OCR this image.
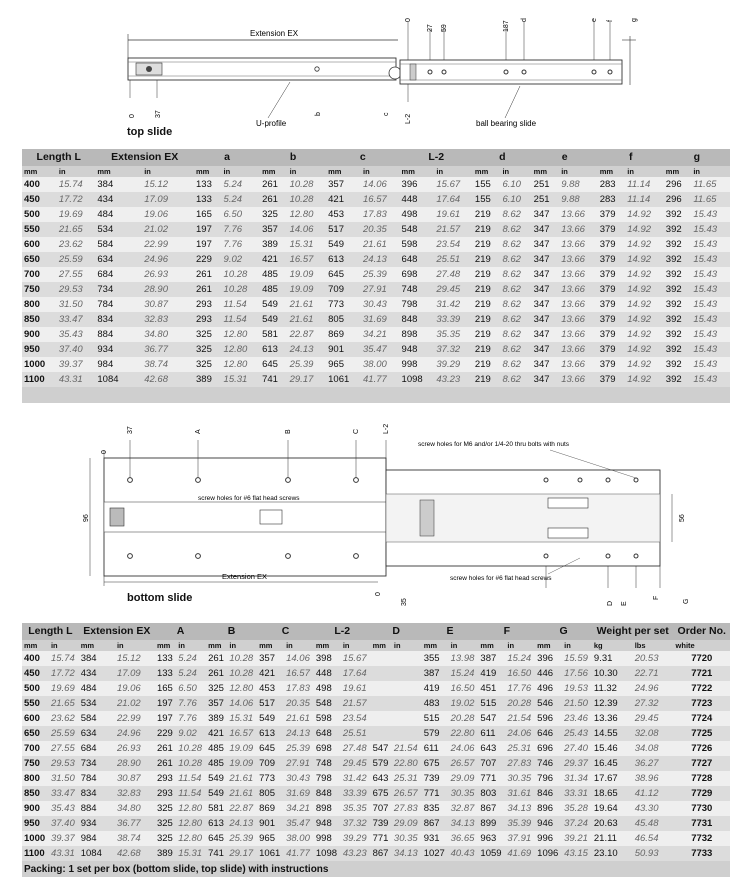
Extension EX
0
27 59	187
d	e f g
0	37
U-profile
b	c L-2	ball bearing slide
top slide
Length L		Extension EX		a		b		c		L-2		d		e		f		g	
mm	in	mm	in	mm	in	mm	in	mm	in	mm	in	mm	in	mm	in	mm	in	mm	in
400	15.74	384	15.12	133	5.24	261	10.28	357	14.06	396	15.67	155	6.10	251	9.88	283	11.14	296	11.65
450	17.72	434	17.09	133	5.24	261	10.28	421	16.57	448	17.64	155	6.10	251	9.88	283	11.14	296	11.65
500	19.69	484	19.06	165	6.50	325	12.80	453	17.83	498	19.61	219	8.62	347	13.66	379	14.92	392	15.43
550	21.65	534	21.02	197	7.76	357	14.06	517	20.35	548	21.57	219	8.62	347	13.66	379	14.92	392	15.43
600	23.62	584	22.99	197	7.76	389	15.31	549	21.61	598	23.54	219	8.62	347	13.66	379	14.92	392	15.43
650	25.59	634	24.96	229	9.02	421	16.57	613	24.13	648	25.51	219	8.62	347	13.66	379	14.92	392	15.43
700	27.55	684	26.93	261	10.28	485	19.09	645	25.39	698	27.48	219	8.62	347	13.66	379	14.92	392	15.43
750	29.53	734	28.90	261	10.28	485	19.09	709	27.91	748	29.45	219	8.62	347	13.66	379	14.92	392	15.43
800	31.50	784	30.87	293	11.54	549	21.61	773	30.43	798	31.42	219	8.62	347	13.66	379	14.92	392	15.43
850	33.47	834	32.83	293	11.54	549	21.61	805	31.69	848	33.39	219	8.62	347	13.66	379	14.92	392	15.43
900	35.43	884	34.80	325	12.80	581	22.87	869	34.21	898	35.35	219	8.62	347	13.66	379	14.92	392	15.43
950	37.40	934	36.77	325	12.80	613	24.13	901	35.47	948	37.32	219	8.62	347	13.66	379	14.92	392	15.43
1000	39.37	984	38.74	325	12.80	645	25.39	965	38.00	998	39.29	219	8.62	347	13.66	379	14.92	392	15.43
1100	43.31	1084	42.68	389	15.31	741	29.17	1061	41.77	1098	43.23	219	8.62	347	13.66	379	14.92	392	15.43

0
37	A	B	C	L-2
screw holes for M6 and/or 1/4-20 thru bolts with nuts
screw holes for #6 flat head screws
96	56
Extension EX
0
35
screw holes for #6 flat head screws
D E
F
G
bottom slide
Length L		Extension EX		A		B		C		L-2		D		E		F		G		Weight per set		Order No.
mm	in	mm	in	mm	in	mm	in	mm	in	mm	in	mm	in	mm	in	mm	in	mm	in	kg	lbs	white
400	15.74	384	15.12	133	5.24	261	10.28	357	14.06	398	15.67			355	13.98	387	15.24	396	15.59	9.31	20.53	7720
450	17.72	434	17.09	133	5.24	261	10.28	421	16.57	448	17.64			387	15.24	419	16.50	446	17.56	10.30	22.71	7721
500	19.69	484	19.06	165	6.50	325	12.80	453	17.83	498	19.61			419	16.50	451	17.76	496	19.53	11.32	24.96	7722
550	21.65	534	21.02	197	7.76	357	14.06	517	20.35	548	21.57			483	19.02	515	20.28	546	21.50	12.39	27.32	7723
600	23.62	584	22.99	197	7.76	389	15.31	549	21.61	598	23.54			515	20.28	547	21.54	596	23.46	13.36	29.45	7724
650	25.59	634	24.96	229	9.02	421	16.57	613	24.13	648	25.51			579	22.80	611	24.06	646	25.43	14.55	32.08	7725
700	27.55	684	26.93	261	10.28	485	19.09	645	25.39	698	27.48	547	21.54	611	24.06	643	25.31	696	27.40	15.46	34.08	7726
750	29.53	734	28.90	261	10.28	485	19.09	709	27.91	748	29.45	579	22.80	675	26.57	707	27.83	746	29.37	16.45	36.27	7727
800	31.50	784	30.87	293	11.54	549	21.61	773	30.43	798	31.42	643	25.31	739	29.09	771	30.35	796	31.34	17.67	38.96	7728
850	33.47	834	32.83	293	11.54	549	21.61	805	31.69	848	33.39	675	26.57	771	30.35	803	31.61	846	33.31	18.65	41.12	7729
900	35.43	884	34.80	325	12.80	581	22.87	869	34.21	898	35.35	707	27.83	835	32.87	867	34.13	896	35.28	19.64	43.30	7730
950	37.40	934	36.77	325	12.80	613	24.13	901	35.47	948	37.32	739	29.09	867	34.13	899	35.39	946	37.24	20.63	45.48	7731
1000	39.37	984	38.74	325	12.80	645	25.39	965	38.00	998	39.29	771	30.35	931	36.65	963	37.91	996	39.21	21.11	46.54	7732
1100	43.31	1084	42.68	389	15.31	741	29.17	1061	41.77	1098	43.23	867	34.13	1027	40.43	1059	41.69	1096	43.15	23.10	50.93	7733
Packing: 1 set per box (bottom slide, top slide) with instructions																						
